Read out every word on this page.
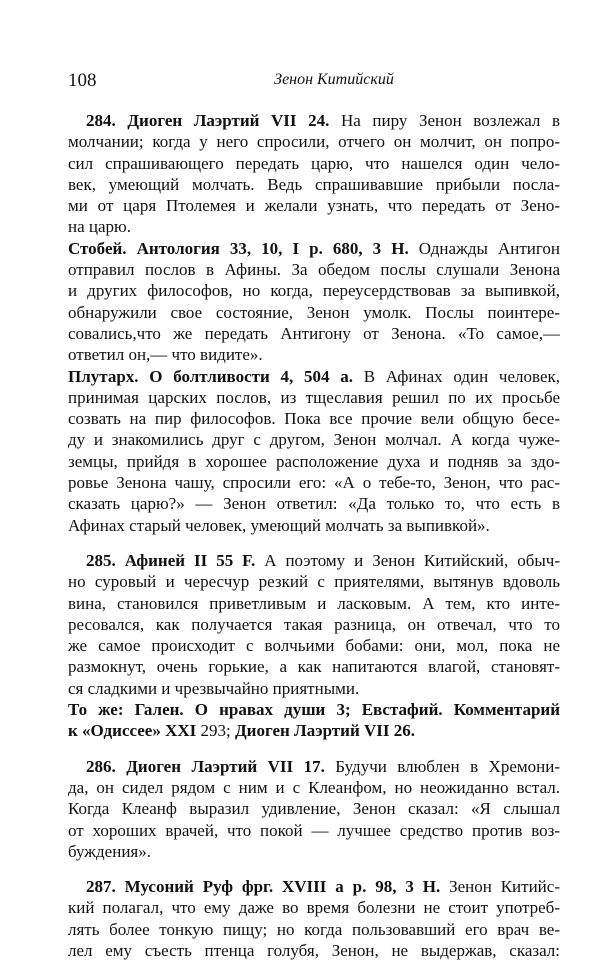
108	Зенон Китийский
284. Диоген Лаэртий VII 24. На пиру Зенон возлежал в
молчании; когда у него спросили, отчего он молчит, он попро-
сил спрашивающего передать царю, что нашелся один чело-
век, умеющий молчать. Ведь спрашивавшие прибыли посла-
ми от царя Птолемея и желали узнать, что передать от Зено-
на царю.
Стобей. Антология 33, 10, I p. 680, 3 H. Однажды Антигон
отправил послов в Афины. За обедом послы слушали Зенона
и других философов, но когда, переусердствовав за выпивкой,
обнаружили свое состояние, Зенон умолк. Послы поинтере-
совались,что же передать Антигону от Зенона. «То самое,—
ответил он,— что видите».
Плутарх. О болтливости 4, 504 a. В Афинах один человек,
принимая царских послов, из тщеславия решил по их просьбе
созвать на пир философов. Пока все прочие вели общую бесе-
ду и знакомились друг с другом, Зенон молчал. А когда чуже-
земцы, прийдя в хорошее расположение духа и подняв за здо-
ровье Зенона чашу, спросили его: «А о тебе-то, Зенон, что рас-
сказать царю?» — Зенон ответил: «Да только то, что есть в
Афинах старый человек, умеющий молчать за выпивкой».
285. Афиней II 55 F. А поэтому и Зенон Китийский, обыч-
но суровый и чересчур резкий с приятелями, вытянув вдоволь
вина, становился приветливым и ласковым. А тем, кто инте-
ресовался, как получается такая разница, он отвечал, что то
же самое происходит с волчьими бобами: они, мол, пока не
размокнут, очень горькие, а как напитаются влагой, становят-
ся сладкими и чрезвычайно приятными.
То же: Гален. О нравах души 3; Евстафий. Комментарий
к «Одиссее» XXI 293; Диоген Лаэртий VII 26.
286. Диоген Лаэртий VII 17. Будучи влюблен в Хремони-
да, он сидел рядом с ним и с Клеанфом, но неожиданно встал.
Когда Клеанф выразил удивление, Зенон сказал: «Я слышал
от хороших врачей, что покой — лучшее средство против воз-
буждения».
287. Мусоний Руф фрг. XVIII a p. 98, 3 H. Зенон Китийс-
кий полагал, что ему даже во время болезни не стоит употреб-
лять более тонкую пищу; но когда пользовавший его врач ве-
лел ему съесть птенца голубя, Зенон, не выдержав, сказал:
